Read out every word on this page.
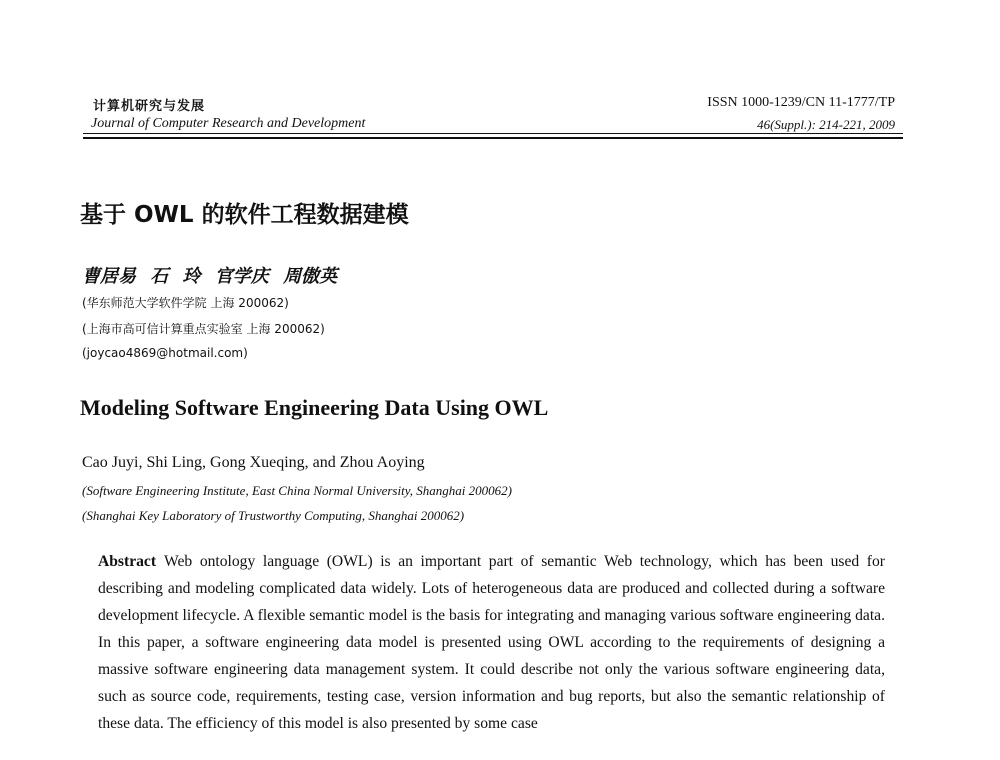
计算机研究与发展
Journal of Computer Research and Development
ISSN 1000-1239/CN 11-1777/TP
46(Suppl.): 214-221, 2009
基于 OWL 的软件工程数据建模
曹居易 石 玲 官学庆 周傲英
(华东师范大学软件学院 上海 200062)
(上海市高可信计算重点实验室 上海 200062)
(joycao4869@hotmail.com)
Modeling Software Engineering Data Using OWL
Cao Juyi, Shi Ling, Gong Xueqing, and Zhou Aoying
(Software Engineering Institute, East China Normal University, Shanghai 200062)
(Shanghai Key Laboratory of Trustworthy Computing, Shanghai 200062)
Abstract Web ontology language (OWL) is an important part of semantic Web technology, which has been used for describing and modeling complicated data widely. Lots of heterogeneous data are produced and collected during a software development lifecycle. A flexible semantic model is the basis for integrating and managing various software engineering data. In this paper, a software engineering data model is presented using OWL according to the requirements of designing a massive software engineering data management system. It could describe not only the various software engineering data, such as source code, requirements, testing case, version information and bug reports, but also the semantic relationship of these data. The efficiency of this model is also presented by some case
